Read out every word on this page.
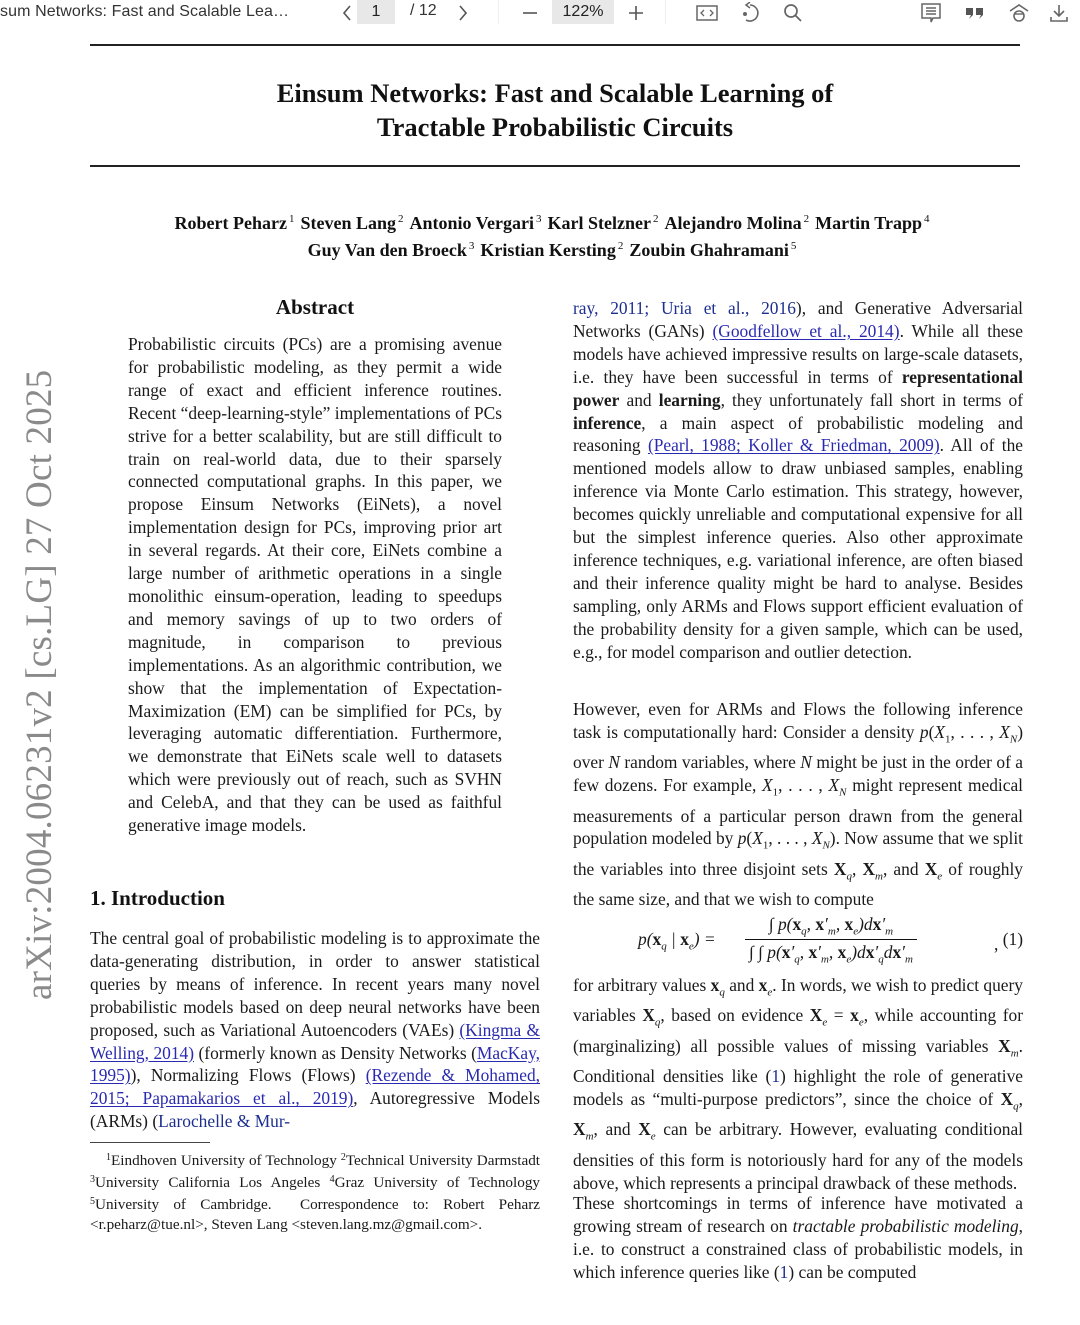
sum Networks: Fast and Scalable Lea…	1	/ 12	122%
Einsum Networks: Fast and Scalable Learning of
Tractable Probabilistic Circuits
Robert Peharz $^1$ Steven Lang $^2$ Antonio Vergari $^3$ Karl Stelzner $^2$ Alejandro Molina $^2$ Martin Trapp $^4$
Guy Van den Broeck $^3$ Kristian Kersting $^2$ Zoubin Ghahramani $^5$
arXiv:2004.06231v2 [cs.LG] 27 Oct 2025
Abstract

Probabilistic circuits (PCs) are a promising avenue for probabilistic modeling, as they permit a wide range of exact and efficient inference routines. Recent “deep-learning-style” implementations of PCs strive for a better scalability, but are still difficult to train on real-world data, due to their sparsely connected computational graphs. In this paper, we propose Einsum Networks (EiNets), a novel implementation design for PCs, improving prior art in several regards. At their core, EiNets combine a large number of arithmetic operations in a single monolithic einsum-operation, leading to speedups and memory savings of up to two orders of magnitude, in comparison to previous implementations. As an algorithmic contribution, we show that the implementation of Expectation-Maximization (EM) can be simplified for PCs, by leveraging automatic differentiation. Furthermore, we demonstrate that EiNets scale well to datasets which were previously out of reach, such as SVHN and CelebA, and that they can be used as faithful generative image models.

1. Introduction

The central goal of probabilistic modeling is to approximate the data-generating distribution, in order to answer statistical queries by means of inference. In recent years many novel probabilistic models based on deep neural networks have been proposed, such as Variational Autoencoders (VAEs) (Kingma & Welling, 2014) (formerly known as Density Networks (MacKay, 1995)), Normalizing Flows (Flows) (Rezende & Mohamed, 2015; Papamakarios et al., 2019), Autoregressive Models (ARMs) (Larochelle & Mur-

$^1$Eindhoven University of Technology $^2$Technical University Darmstadt $^3$University California Los Angeles $^4$Graz University of Technology $^5$University of Cambridge. Correspondence to: Robert Peharz <r.peharz@tue.nl>, Steven Lang <steven.lang.mz@gmail.com>.

ray, 2011; Uria et al., 2016), and Generative Adversarial Networks (GANs) (Goodfellow et al., 2014). While all these models have achieved impressive results on large-scale datasets, i.e. they have been successful in terms of representational power and learning, they unfortunately fall short in terms of inference, a main aspect of probabilistic modeling and reasoning (Pearl, 1988; Koller & Friedman, 2009). All of the mentioned models allow to draw unbiased samples, enabling inference via Monte Carlo estimation. This strategy, however, becomes quickly unreliable and computational expensive for all but the simplest inference queries. Also other approximate inference techniques, e.g. variational inference, are often biased and their inference quality might be hard to analyse. Besides sampling, only ARMs and Flows support efficient evaluation of the probability density for a given sample, which can be used, e.g., for model comparison and outlier detection.

However, even for ARMs and Flows the following inference task is computationally hard: Consider a density $p(X_1$, . . . , $X_N$) over N random variables, where N might be just in the order of a few dozens. For example, $X_1$, . . . , $X_N$ might represent medical measurements of a particular person drawn from the general population modeled by $p(X_1$, . . . , $X_N$). Now assume that we split the variables into three disjoint sets $X_q$, $X_m$, and $X_e$ of roughly the same size, and that we wish to compute

$p(x_q$ | $x_e$) =
∫ $p(x_q$, $x'_m$, $x_e)dx'_m$
∫ ∫ $p(x'_q$, $x'_m$, $x_e)dx'_qdx'_m$
, (1)

for arbitrary values $x_q$ and $x_e$. In words, we wish to predict query variables $X_q$, based on evidence $X_e = x_e$, while accounting for (marginalizing) all possible values of missing variables $X_m$. Conditional densities like (1) highlight the role of generative models as “multi-purpose predictors”, since the choice of $X_q$, $X_m$, and $X_e$ can be arbitrary. However, evaluating conditional densities of this form is notoriously hard for any of the models above, which represents a principal drawback of these methods.

These shortcomings in terms of inference have motivated a growing stream of research on tractable probabilistic modeling, i.e. to construct a constrained class of probabilistic models, in which inference queries like (1) can be computed
